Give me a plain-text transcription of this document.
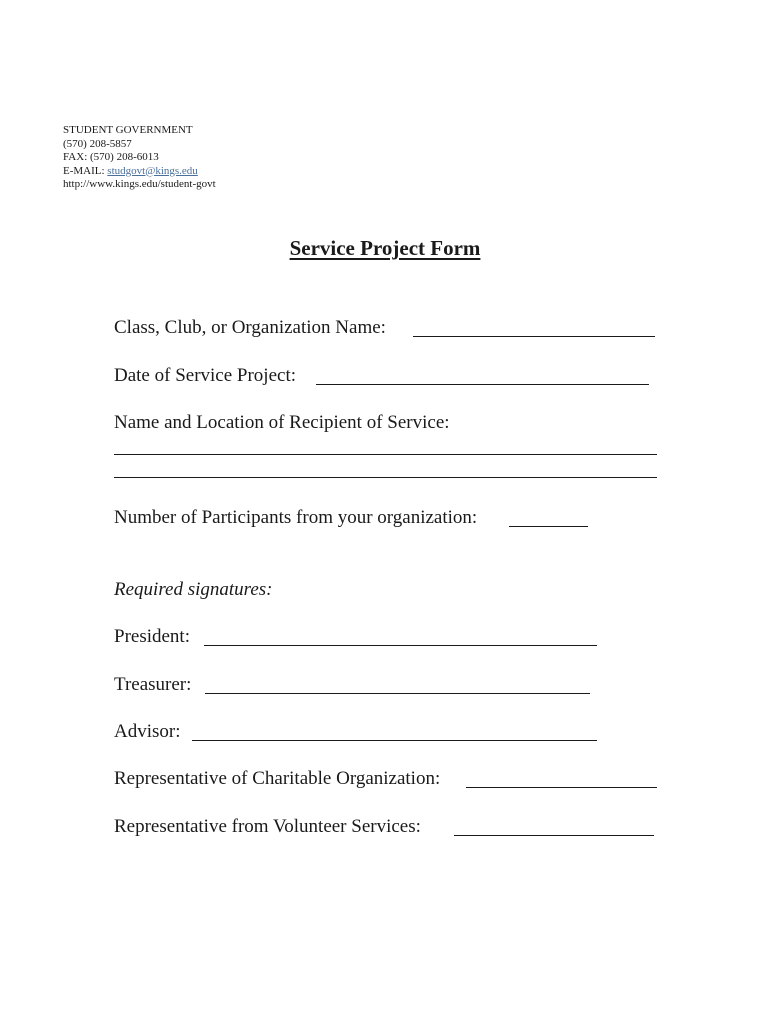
STUDENT GOVERNMENT
(570) 208-5857
FAX: (570) 208-6013
E-MAIL: studgovt@kings.edu
http://www.kings.edu/student-govt
Service Project Form
Class, Club, or Organization Name:
Date of Service Project:
Name and Location of Recipient of Service:
Number of Participants from your organization:
Required signatures:
President:
Treasurer:
Advisor:
Representative of Charitable Organization:
Representative from Volunteer Services:
